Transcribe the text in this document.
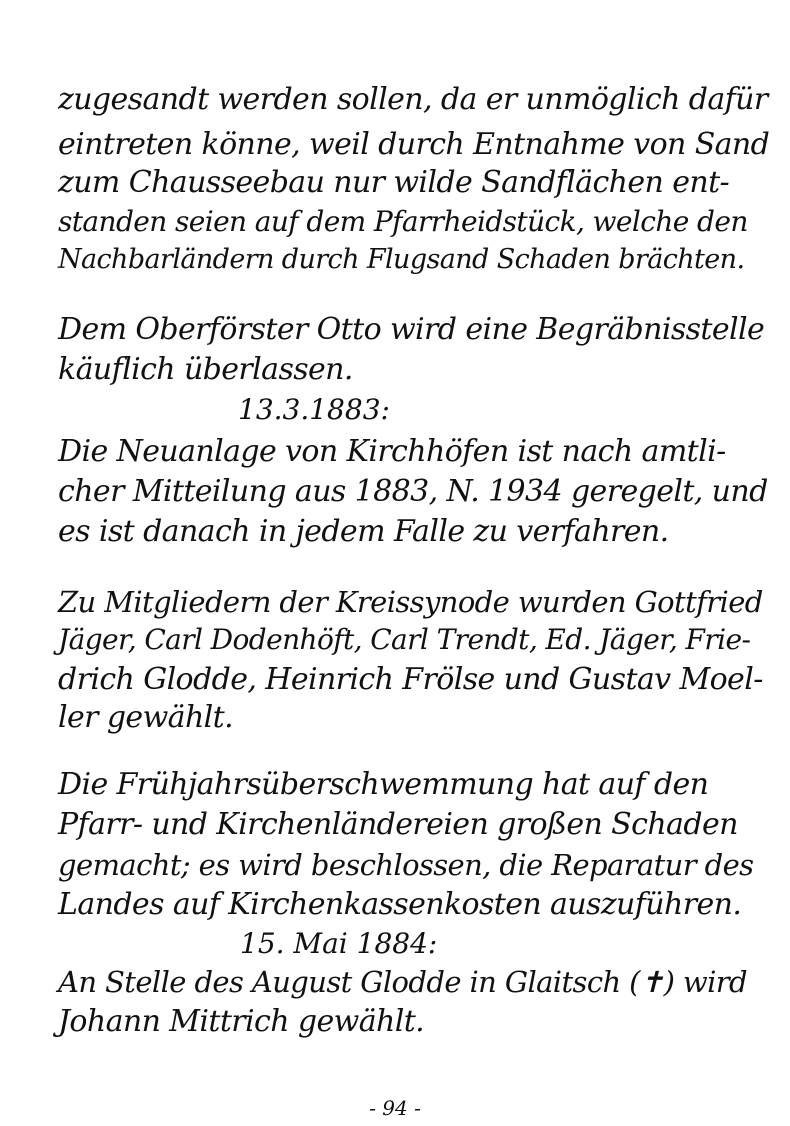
zugesandt werden sollen, da er unmöglich dafür
eintreten könne, weil durch Entnahme von Sand
zum Chausseebau nur wilde Sandflächen ent-
standen seien auf dem Pfarrheidstück, welche den
Nachbarländern durch Flugsand Schaden brächten.
Dem Oberförster Otto wird eine Begräbnisstelle
käuflich überlassen.
13.3.1883:
Die Neuanlage von Kirchhöfen ist nach amtli-
cher Mitteilung aus 1883, N. 1934 geregelt, und
es ist danach in jedem Falle zu verfahren.
Zu Mitgliedern der Kreissynode wurden Gottfried
Jäger, Carl Dodenhöft, Carl Trendt, Ed. Jäger, Frie-
drich Glodde, Heinrich Frölse und Gustav Moel-
ler gewählt.
Die Frühjahrsüberschwemmung hat auf den
Pfarr- und Kirchenländereien großen Schaden
gemacht; es wird beschlossen, die Reparatur des
Landes auf Kirchenkassenkosten auszuführen.
15. Mai 1884:
An Stelle des August Glodde in Glaitsch (✝) wird
Johann Mittrich gewählt.
- 94 -
